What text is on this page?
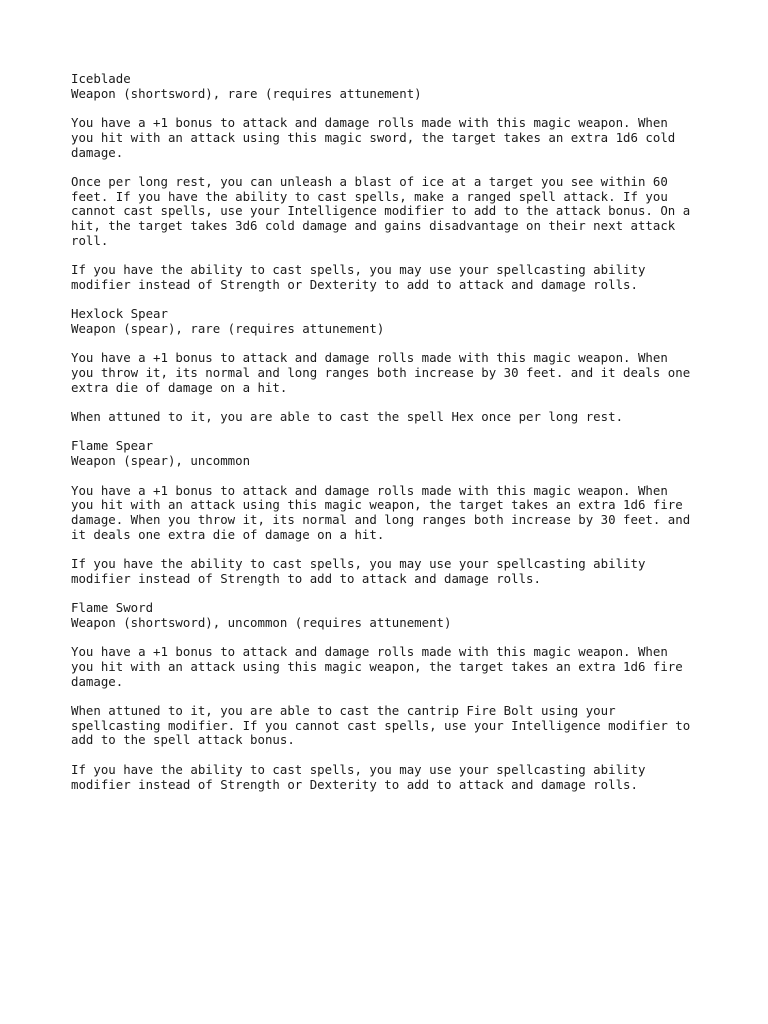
Iceblade
Weapon (shortsword), rare (requires attunement)
You have a +1 bonus to attack and damage rolls made with this magic weapon. When
you hit with an attack using this magic sword, the target takes an extra 1d6 cold
damage.
Once per long rest, you can unleash a blast of ice at a target you see within 60
feet. If you have the ability to cast spells, make a ranged spell attack. If you
cannot cast spells, use your Intelligence modifier to add to the attack bonus. On a
hit, the target takes 3d6 cold damage and gains disadvantage on their next attack
roll.
If you have the ability to cast spells, you may use your spellcasting ability
modifier instead of Strength or Dexterity to add to attack and damage rolls.
Hexlock Spear
Weapon (spear), rare (requires attunement)
You have a +1 bonus to attack and damage rolls made with this magic weapon. When
you throw it, its normal and long ranges both increase by 30 feet. and it deals one
extra die of damage on a hit.
When attuned to it, you are able to cast the spell Hex once per long rest.
Flame Spear
Weapon (spear), uncommon
You have a +1 bonus to attack and damage rolls made with this magic weapon. When
you hit with an attack using this magic weapon, the target takes an extra 1d6 fire
damage. When you throw it, its normal and long ranges both increase by 30 feet. and
it deals one extra die of damage on a hit.
If you have the ability to cast spells, you may use your spellcasting ability
modifier instead of Strength to add to attack and damage rolls.
Flame Sword
Weapon (shortsword), uncommon (requires attunement)
You have a +1 bonus to attack and damage rolls made with this magic weapon. When
you hit with an attack using this magic weapon, the target takes an extra 1d6 fire
damage.
When attuned to it, you are able to cast the cantrip Fire Bolt using your
spellcasting modifier. If you cannot cast spells, use your Intelligence modifier to
add to the spell attack bonus.
If you have the ability to cast spells, you may use your spellcasting ability
modifier instead of Strength or Dexterity to add to attack and damage rolls.
